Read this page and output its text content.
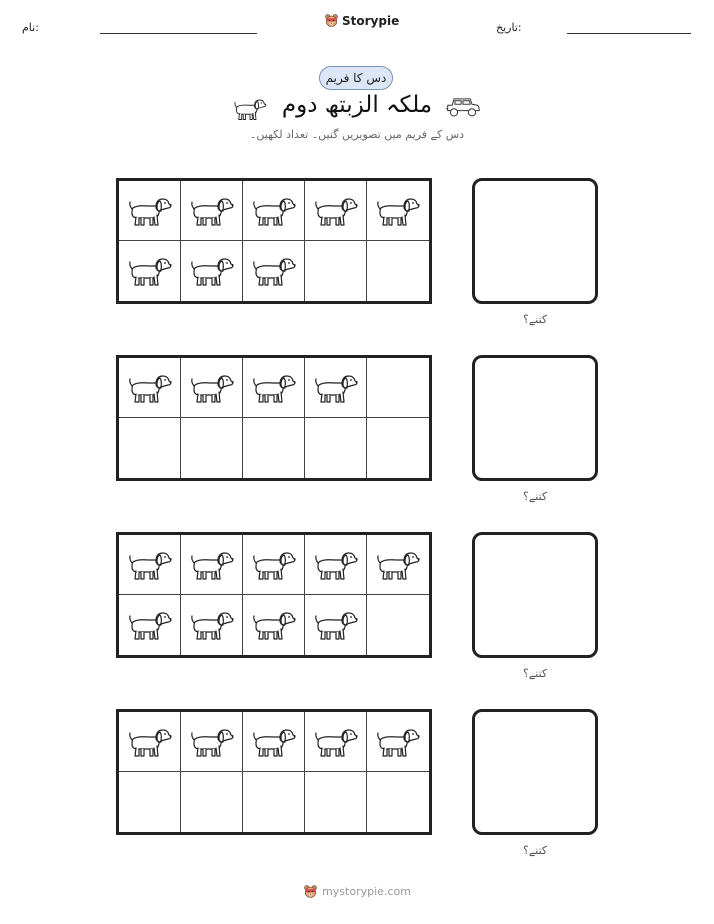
نام:	Storypie	تاریخ:
دس کا فریم
ملکہ الزبتھ دوم
دس کے فریم میں تصویریں گنیں۔ تعداد لکھیں۔
کتنے؟
کتنے؟
کتنے؟
کتنے؟
mystorypie.com
